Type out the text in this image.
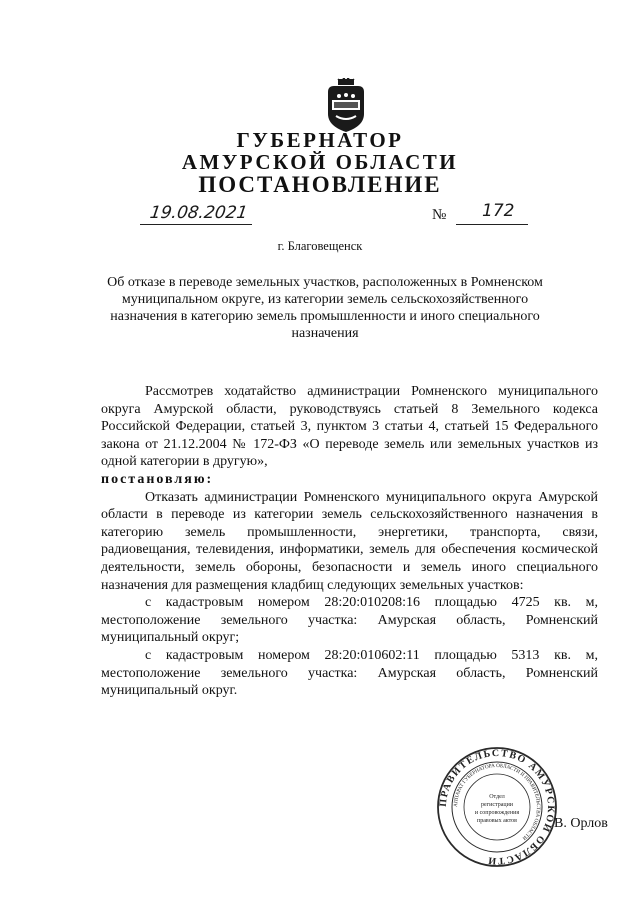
ГУБЕРНАТОР
АМУРСКОЙ ОБЛАСТИ
ПОСТАНОВЛЕНИЕ
19.08.2021	№ 172
г. Благовещенск
Об отказе в переводе земельных участков, расположенных в Ромненском муниципальном округе, из категории земель сельскохозяйственного назначения в категорию земель промышленности и иного специального назначения

Рассмотрев ходатайство администрации Ромненского муниципального округа Амурской области, руководствуясь статьей 8 Земельного кодекса Российской Федерации, статьей 3, пунктом 3 статьи 4, статьей 15 Федерального закона от 21.12.2004 № 172-ФЗ «О переводе земель или земельных участков из одной категории в другую»,

постановляю:

Отказать администрации Ромненского муниципального округа Амурской области в переводе из категории земель сельскохозяйственного назначения в категорию земель промышленности, энергетики, транспорта, связи, радиовещания, телевидения, информатики, земель для обеспечения космической деятельности, земель обороны, безопасности и земель иного специального назначения для размещения кладбищ следующих земельных участков:

с кадастровым номером 28:20:010208:16 площадью 4725 кв. м, местоположение земельного участка: Амурская область, Ромненский муниципальный округ;

с кадастровым номером 28:20:010602:11 площадью 5313 кв. м, местоположение земельного участка: Амурская область, Ромненский муниципальный округ.

ПРАВИТЕЛЬСТВО АМУРСКОЙ ОБЛАСТИ
АППАРАТ ГУБЕРНАТОРА ОБЛАСТИ И ПРАВИТЕЛЬСТВА ОБЛАСТИ
Отдел
регистрации
и сопровождения
правовых актов	В. Орлов
